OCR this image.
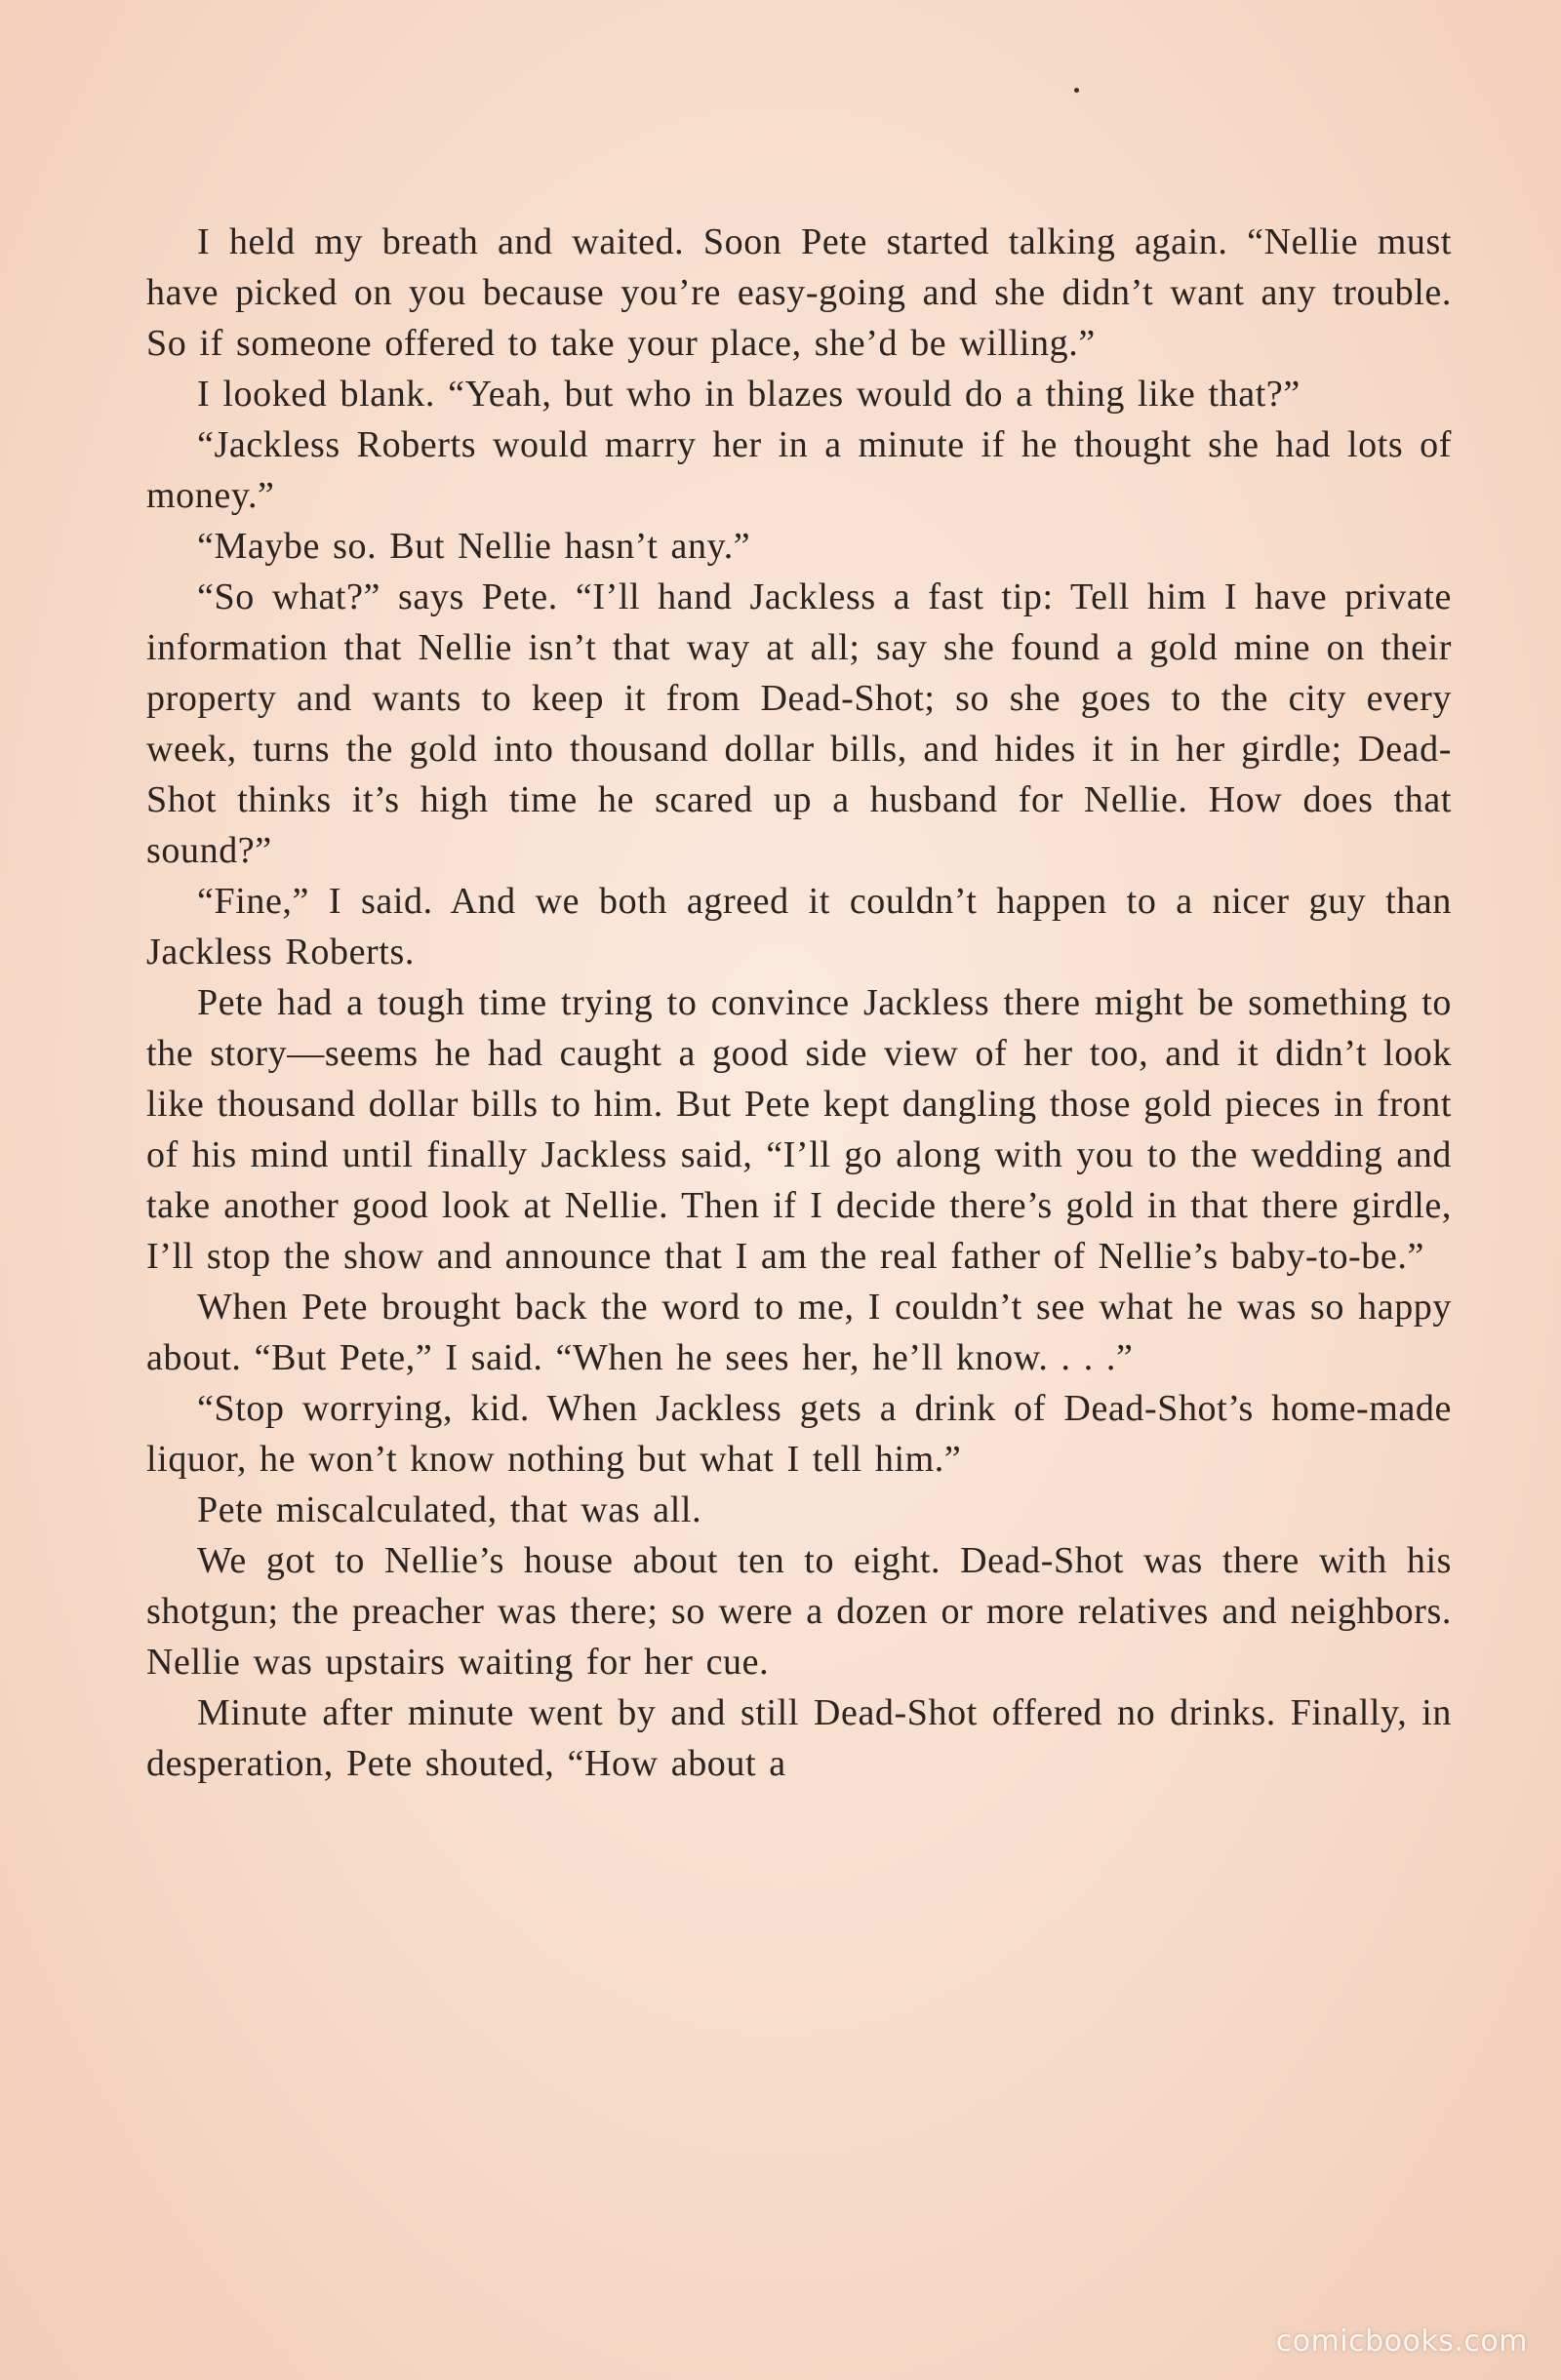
I held my breath and waited. Soon Pete started talking again. “Nellie must have picked on you because you’re easy-going and she didn’t want any trouble. So if someone offered to take your place, she’d be willing.”

I looked blank. “Yeah, but who in blazes would do a thing like that?”

“Jackless Roberts would marry her in a minute if he thought she had lots of money.”

“Maybe so. But Nellie hasn’t any.”

“So what?” says Pete. “I’ll hand Jackless a fast tip: Tell him I have private information that Nellie isn’t that way at all; say she found a gold mine on their property and wants to keep it from Dead-Shot; so she goes to the city every week, turns the gold into thousand dollar bills, and hides it in her girdle; Dead-Shot thinks it’s high time he scared up a husband for Nellie. How does that sound?”

“Fine,” I said. And we both agreed it couldn’t happen to a nicer guy than Jackless Roberts.

Pete had a tough time trying to convince Jackless there might be something to the story—seems he had caught a good side view of her too, and it didn’t look like thousand dollar bills to him. But Pete kept dangling those gold pieces in front of his mind until finally Jackless said, “I’ll go along with you to the wedding and take another good look at Nellie. Then if I decide there’s gold in that there girdle, I’ll stop the show and announce that I am the real father of Nellie’s baby-to-be.”

When Pete brought back the word to me, I couldn’t see what he was so happy about. “But Pete,” I said. “When he sees her, he’ll know. . . .”

“Stop worrying, kid. When Jackless gets a drink of Dead-Shot’s home-made liquor, he won’t know nothing but what I tell him.”

Pete miscalculated, that was all.

We got to Nellie’s house about ten to eight. Dead-Shot was there with his shotgun; the preacher was there; so were a dozen or more relatives and neighbors. Nellie was upstairs waiting for her cue.

Minute after minute went by and still Dead-Shot offered no drinks. Finally, in desperation, Pete shouted, “How about a

comicbooks.com
